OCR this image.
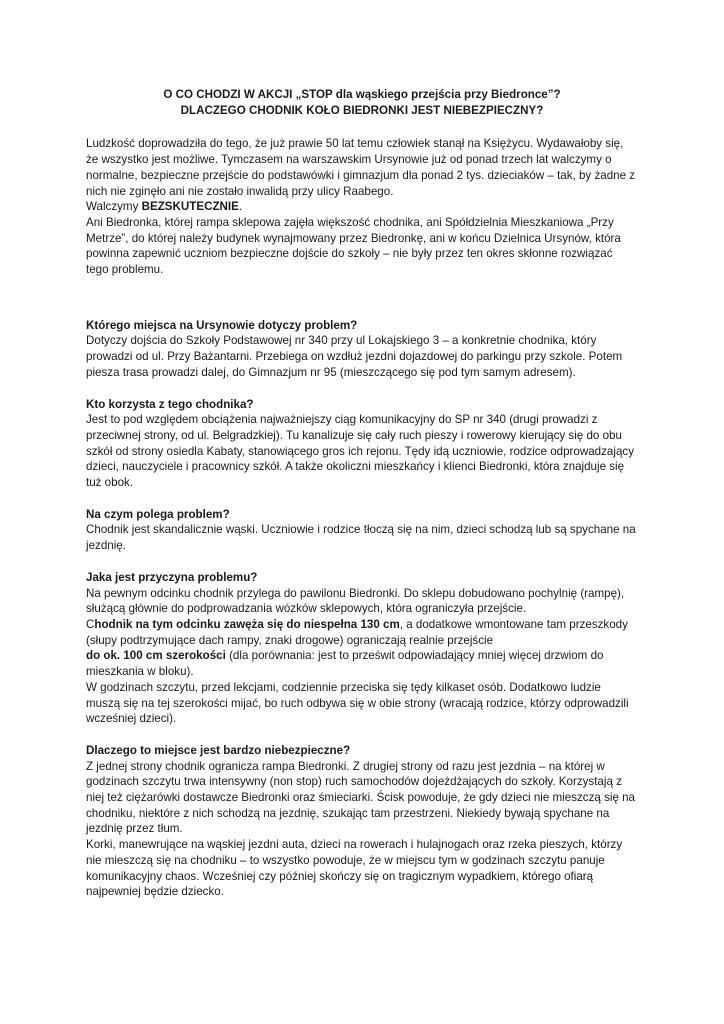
O CO CHODZI W AKCJI „STOP dla wąskiego przejścia przy Biedronce”?
DLACZEGO CHODNIK KOŁO BIEDRONKI JEST NIEBEZPIECZNY?

Ludzkość doprowadziła do tego, że już prawie 50 lat temu człowiek stanął na Księżycu. Wydawałoby się, że wszystko jest możliwe. Tymczasem na warszawskim Ursynowie już od ponad trzech lat walczymy o normalne, bezpieczne przejście do podstawówki i gimnazjum dla ponad 2 tys. dzieciaków – tak, by żadne z nich nie zginęło ani nie zostało inwalidą przy ulicy Raabego.

Walczymy BEZSKUTECZNIE.

Ani Biedronka, której rampa sklepowa zajęła większość chodnika, ani Spółdzielnia Mieszkaniowa „Przy Metrze”, do której należy budynek wynajmowany przez Biedronkę, ani w końcu Dzielnica Ursynów, która powinna zapewnić uczniom bezpieczne dojście do szkoły – nie były przez ten okres skłonne rozwiązać tego problemu.

Którego miejsca na Ursynowie dotyczy problem?

Dotyczy dojścia do Szkoły Podstawowej nr 340 przy ul Lokajskiego 3 – a konkretnie chodnika, który prowadzi od ul. Przy Bażantarni. Przebiega on wzdłuż jezdni dojazdowej do parkingu przy szkole. Potem piesza trasa prowadzi dalej, do Gimnazjum nr 95 (mieszczącego się pod tym samym adresem).

Kto korzysta z tego chodnika?

Jest to pod względem obciążenia najważniejszy ciąg komunikacyjny do SP nr 340 (drugi prowadzi z przeciwnej strony, od ul. Belgradzkiej). Tu kanalizuje się cały ruch pieszy i rowerowy kierujący się do obu szkół od strony osiedla Kabaty, stanowiącego gros ich rejonu. Tędy idą uczniowie, rodzice odprowadzający dzieci, nauczyciele i pracownicy szkół. A także okoliczni mieszkańcy i klienci Biedronki, która znajduje się tuż obok.

Na czym polega problem?

Chodnik jest skandalicznie wąski. Uczniowie i rodzice tłoczą się na nim, dzieci schodzą lub są spychane na jezdnię.

Jaka jest przyczyna problemu?

Na pewnym odcinku chodnik przylega do pawilonu Biedronki. Do sklepu dobudowano pochylnię (rampę), służącą głównie do podprowadzania wózków sklepowych, która ograniczyła przejście.

Chodnik na tym odcinku zawęża się do niespełna 130 cm, a dodatkowe wmontowane tam przeszkody (słupy podtrzymujące dach rampy, znaki drogowe) ograniczają realnie przejście

do ok. 100 cm szerokości (dla porównania: jest to prześwit odpowiadający mniej więcej drzwiom do mieszkania w bloku).

W godzinach szczytu, przed lekcjami, codziennie przeciska się tędy kilkaset osób. Dodatkowo ludzie muszą się na tej szerokości mijać, bo ruch odbywa się w obie strony (wracają rodzice, którzy odprowadzili wcześniej dzieci).

Dlaczego to miejsce jest bardzo niebezpieczne?

Z jednej strony chodnik ogranicza rampa Biedronki. Z drugiej strony od razu jest jezdnia – na której w godzinach szczytu trwa intensywny (non stop) ruch samochodów dojeżdżających do szkoły. Korzystają z niej też ciężarówki dostawcze Biedronki oraz śmieciarki. Ścisk powoduje, że gdy dzieci nie mieszczą się na chodniku, niektóre z nich schodzą na jezdnię, szukając tam przestrzeni. Niekiedy bywają spychane na jezdnię przez tłum.

Korki, manewrujące na wąskiej jezdni auta, dzieci na rowerach i hulajnogach oraz rzeka pieszych, którzy nie mieszczą się na chodniku – to wszystko powoduje, że w miejscu tym w godzinach szczytu panuje komunikacyjny chaos. Wcześniej czy później skończy się on tragicznym wypadkiem, którego ofiarą najpewniej będzie dziecko.
